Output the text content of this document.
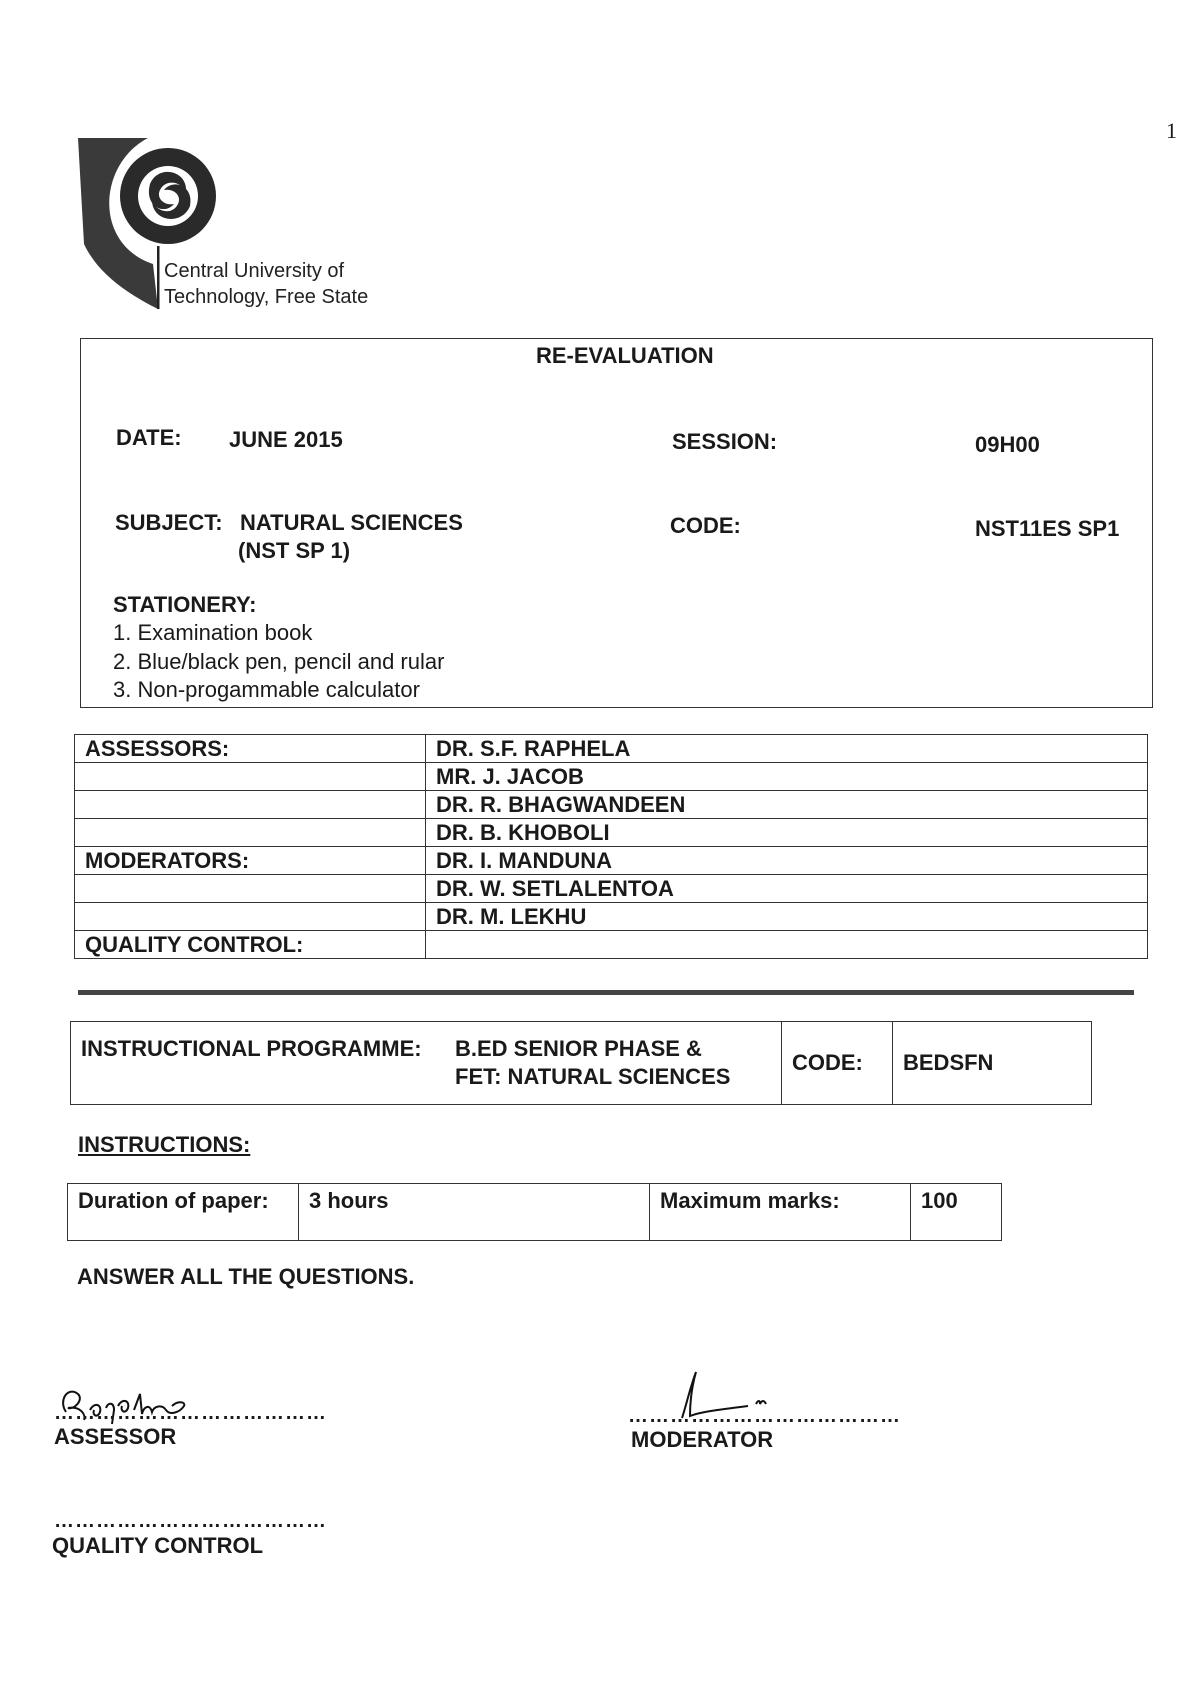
1
Central University of
Technology, Free State
RE-EVALUATION
DATE: JUNE 2015	SESSION:	09H00
SUBJECT: NATURAL SCIENCES
(NST SP 1)
CODE:	NST11ES SP1
STATIONERY:
1. Examination book
2. Blue/black pen, pencil and rular
3. Non-progammable calculator
ASSESSORS:	DR. S.F. RAPHELA
	MR. J. JACOB
	DR. R. BHAGWANDEEN
	DR. B. KHOBOLI
MODERATORS:	DR. I. MANDUNA
	DR. W. SETLALENTOA
	DR. M. LEKHU
QUALITY CONTROL:	
INSTRUCTIONAL PROGRAMME: B.ED SENIOR PHASE &
FET: NATURAL SCIENCES
	CODE:	BEDSFN
INSTRUCTIONS:
Duration of paper:	3 hours	Maximum marks:	100
ANSWER ALL THE QUESTIONS.
…………………………………
ASSESSOR
…………………………………
MODERATOR
…………………………………
QUALITY CONTROL
